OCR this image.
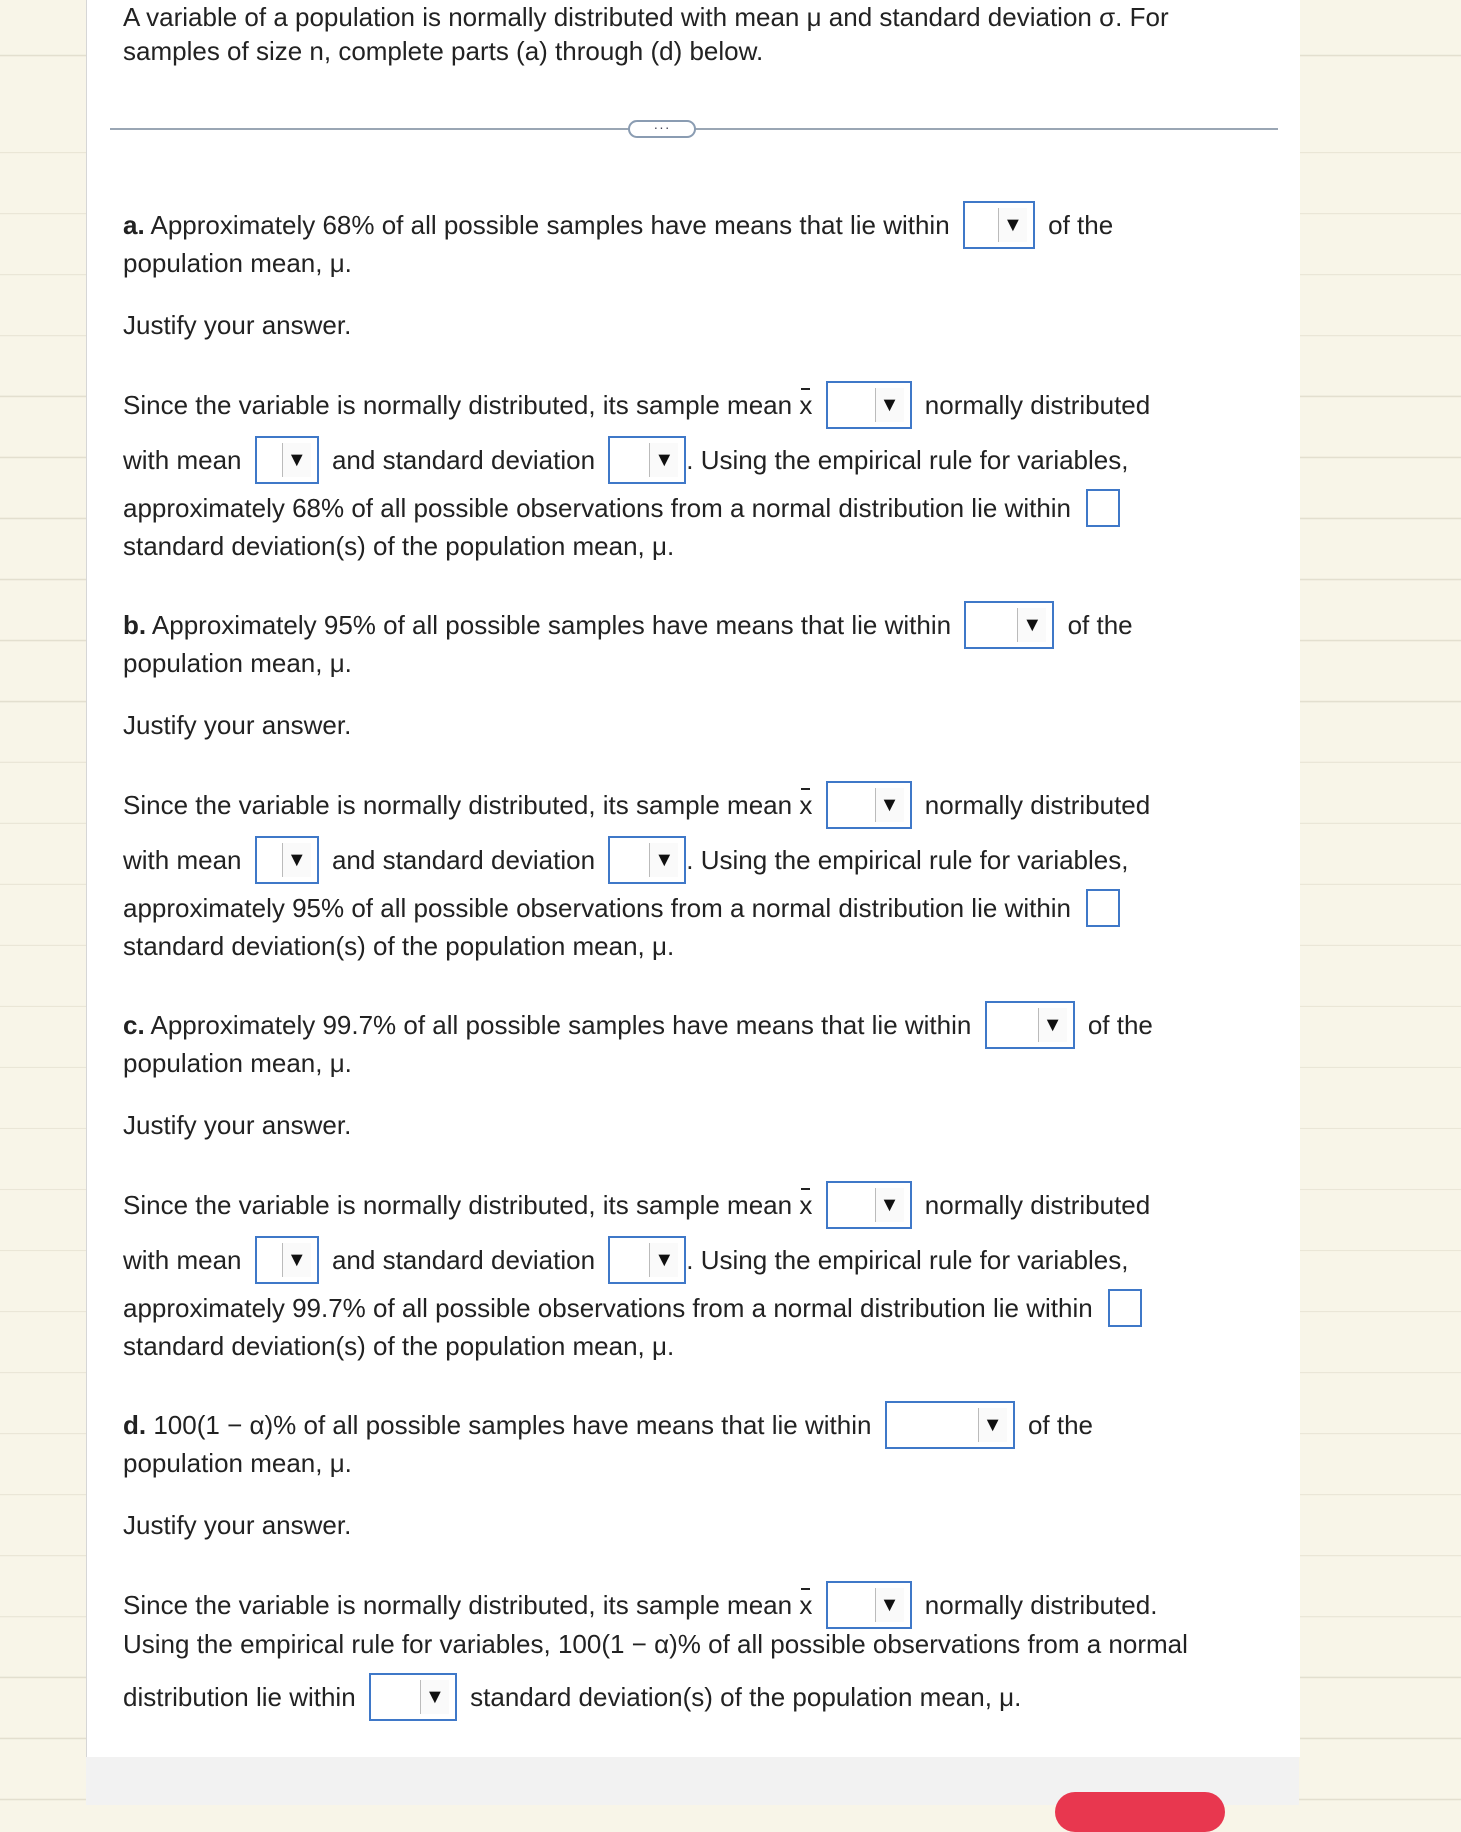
A variable of a population is normally distributed with mean μ and standard deviation σ. For
samples of size n, complete parts (a) through (d) below.
···
a. Approximately 68% of all possible samples have means that lie within	▼ of the
population mean, μ.
Justify your answer.
Since the variable is normally distributed, its sample mean x	▼ normally distributed
with mean ▼ and standard deviation	▼ . Using the empirical rule for variables,
approximately 68% of all possible observations from a normal distribution lie within
standard deviation(s) of the population mean, μ.
b. Approximately 95% of all possible samples have means that lie within	▼ of the
population mean, μ.
Justify your answer.
Since the variable is normally distributed, its sample mean x	▼ normally distributed
with mean ▼ and standard deviation	▼ . Using the empirical rule for variables,
approximately 95% of all possible observations from a normal distribution lie within
standard deviation(s) of the population mean, μ.
c. Approximately 99.7% of all possible samples have means that lie within	▼ of the
population mean, μ.
Justify your answer.
Since the variable is normally distributed, its sample mean x	▼ normally distributed
with mean ▼ and standard deviation	▼ . Using the empirical rule for variables,
approximately 99.7% of all possible observations from a normal distribution lie within
standard deviation(s) of the population mean, μ.
d. 100(1 − α)% of all possible samples have means that lie within	▼ of the
population mean, μ.
Justify your answer.
Since the variable is normally distributed, its sample mean x	▼ normally distributed.
Using the empirical rule for variables, 100(1 − α)% of all possible observations from a normal
distribution lie within	▼ standard deviation(s) of the population mean, μ.
